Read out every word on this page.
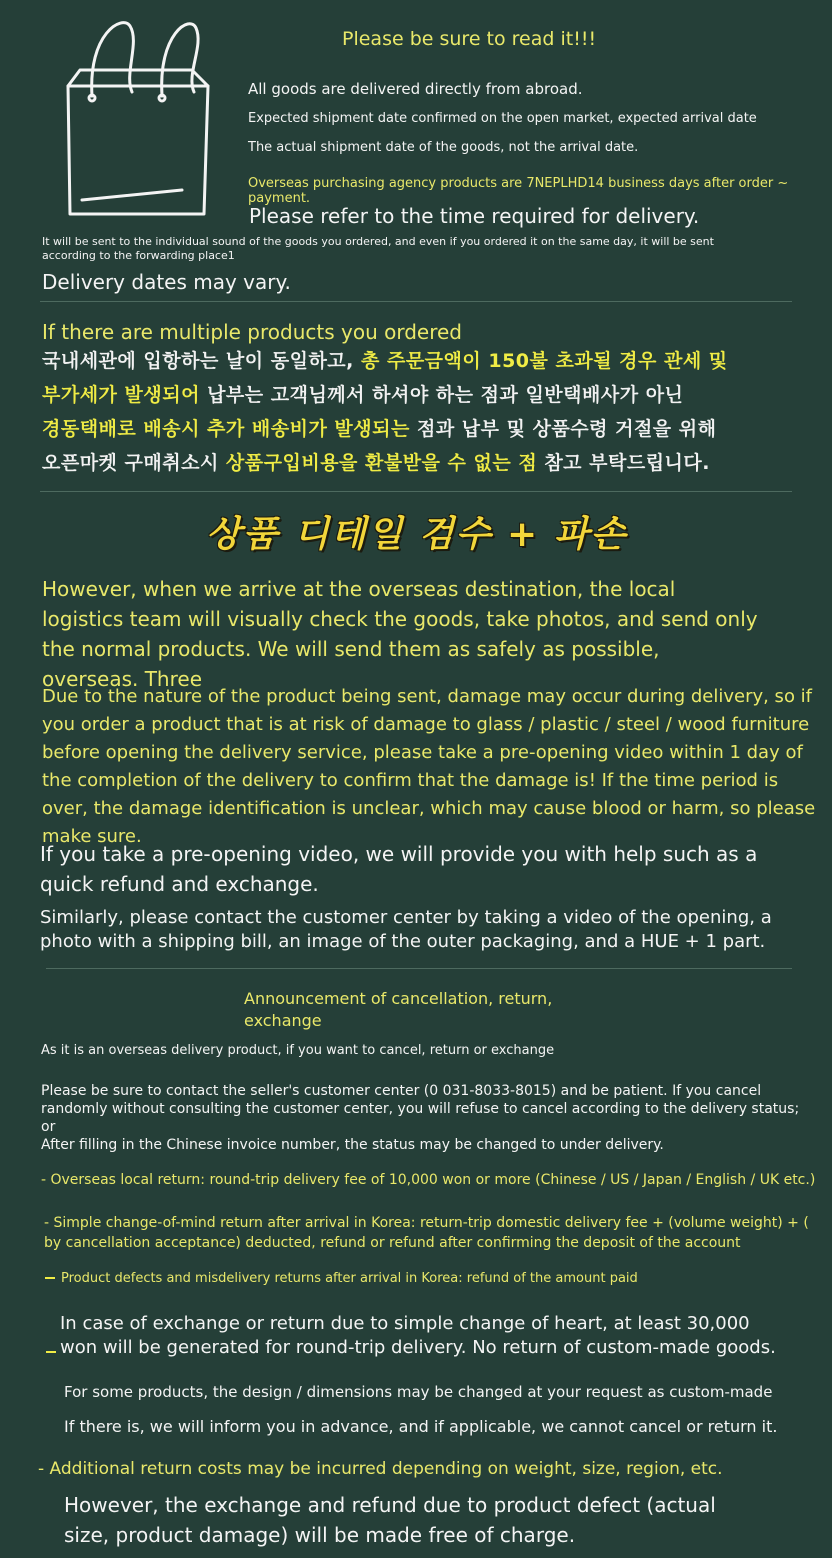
Please be sure to read it!!!
All goods are delivered directly from abroad.
Expected shipment date confirmed on the open market, expected arrival date
The actual shipment date of the goods, not the arrival date.
Overseas purchasing agency products are 7NEPLHD14 business days after order ~ payment.
Please refer to the time required for delivery.
It will be sent to the individual sound of the goods you ordered, and even if you ordered it on the same day, it will be sent according to the forwarding place1
Delivery dates may vary.
If there are multiple products you ordered
국내세관에 입항하는 날이 동일하고, 총 주문금액이 150불 초과될 경우 관세 및
부가세가 발생되어 납부는 고객님께서 하셔야 하는 점과 일반택배사가 아닌
경동택배로 배송시 추가 배송비가 발생되는 점과 납부 및 상품수령 거절을 위해
오픈마켓 구매취소시 상품구입비용을 환불받을 수 없는 점 참고 부탁드립니다.
상품 디테일 검수 + 파손
However, when we arrive at the overseas destination, the local logistics team will visually check the goods, take photos, and send only the normal products. We will send them as safely as possible, overseas. Three
Due to the nature of the product being sent, damage may occur during delivery, so if you order a product that is at risk of damage to glass / plastic / steel / wood furniture before opening the delivery service, please take a pre-opening video within 1 day of the completion of the delivery to confirm that the damage is! If the time period is over, the damage identification is unclear, which may cause blood or harm, so please make sure.
If you take a pre-opening video, we will provide you with help such as a quick refund and exchange.
Similarly, please contact the customer center by taking a video of the opening, a photo with a shipping bill, an image of the outer packaging, and a HUE + 1 part.
Announcement of cancellation, return, exchange
As it is an overseas delivery product, if you want to cancel, return or exchange
Please be sure to contact the seller's customer center (0 031-8033-8015) and be patient. If you cancel randomly without consulting the customer center, you will refuse to cancel according to the delivery status; or
After filling in the Chinese invoice number, the status may be changed to under delivery.
- Overseas local return: round-trip delivery fee of 10,000 won or more (Chinese / US / Japan / English / UK etc.)
- Simple change-of-mind return after arrival in Korea: return-trip domestic delivery fee + (volume weight) + ( by cancellation acceptance) deducted, refund or refund after confirming the deposit of the account
Product defects and misdelivery returns after arrival in Korea: refund of the amount paid
In case of exchange or return due to simple change of heart, at least 30,000 won will be generated for round-trip delivery. No return of custom-made goods.
For some products, the design / dimensions may be changed at your request as custom-made
If there is, we will inform you in advance, and if applicable, we cannot cancel or return it.
- Additional return costs may be incurred depending on weight, size, region, etc.
However, the exchange and refund due to product defect (actual size, product damage) will be made free of charge.
